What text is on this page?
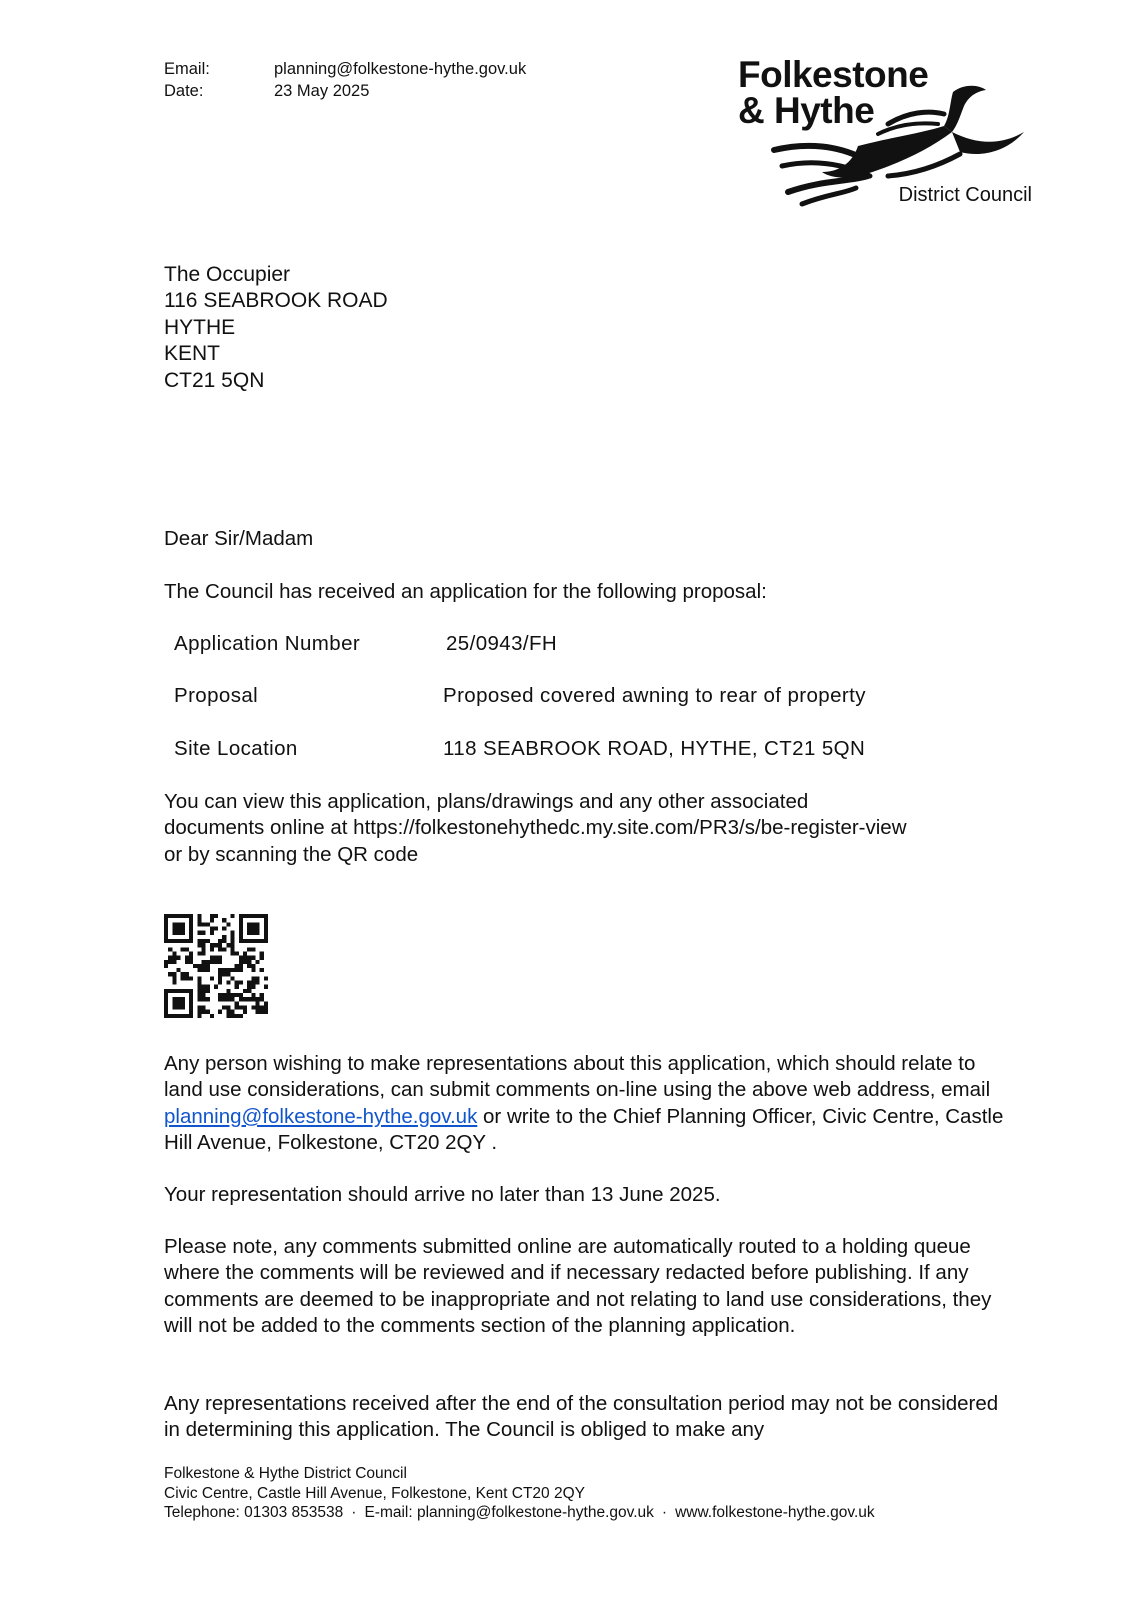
Email:	planning@folkestone-hythe.gov.uk
Date:	23 May 2025	Folkestone
& Hythe
District Council
The Occupier
116 SEABROOK ROAD
HYTHE
KENT
CT21 5QN
Dear Sir/Madam
The Council has received an application for the following proposal:
Application Number	25/0943/FH
Proposal	Proposed covered awning to rear of property
Site Location	118 SEABROOK ROAD, HYTHE, CT21 5QN
You can view this application, plans/drawings and any other associated
documents online at https://folkestonehythedc.my.site.com/PR3/s/be-register-view
or by scanning the QR code
Any person wishing to make representations about this application, which should relate to land use considerations, can submit comments on-line using the above web address, email planning@folkestone-hythe.gov.uk or write to the Chief Planning Officer, Civic Centre, Castle Hill Avenue, Folkestone, CT20 2QY .
Your representation should arrive no later than 13 June 2025.
Please note, any comments submitted online are automatically routed to a holding queue where the comments will be reviewed and if necessary redacted before publishing. If any comments are deemed to be inappropriate and not relating to land use considerations, they will not be added to the comments section of the planning application.
Any representations received after the end of the consultation period may not be considered in determining this application. The Council is obliged to make any
Folkestone & Hythe District Council
Civic Centre, Castle Hill Avenue, Folkestone, Kent CT20 2QY
Telephone: 01303 853538 · E-mail: planning@folkestone-hythe.gov.uk · www.folkestone-hythe.gov.uk
